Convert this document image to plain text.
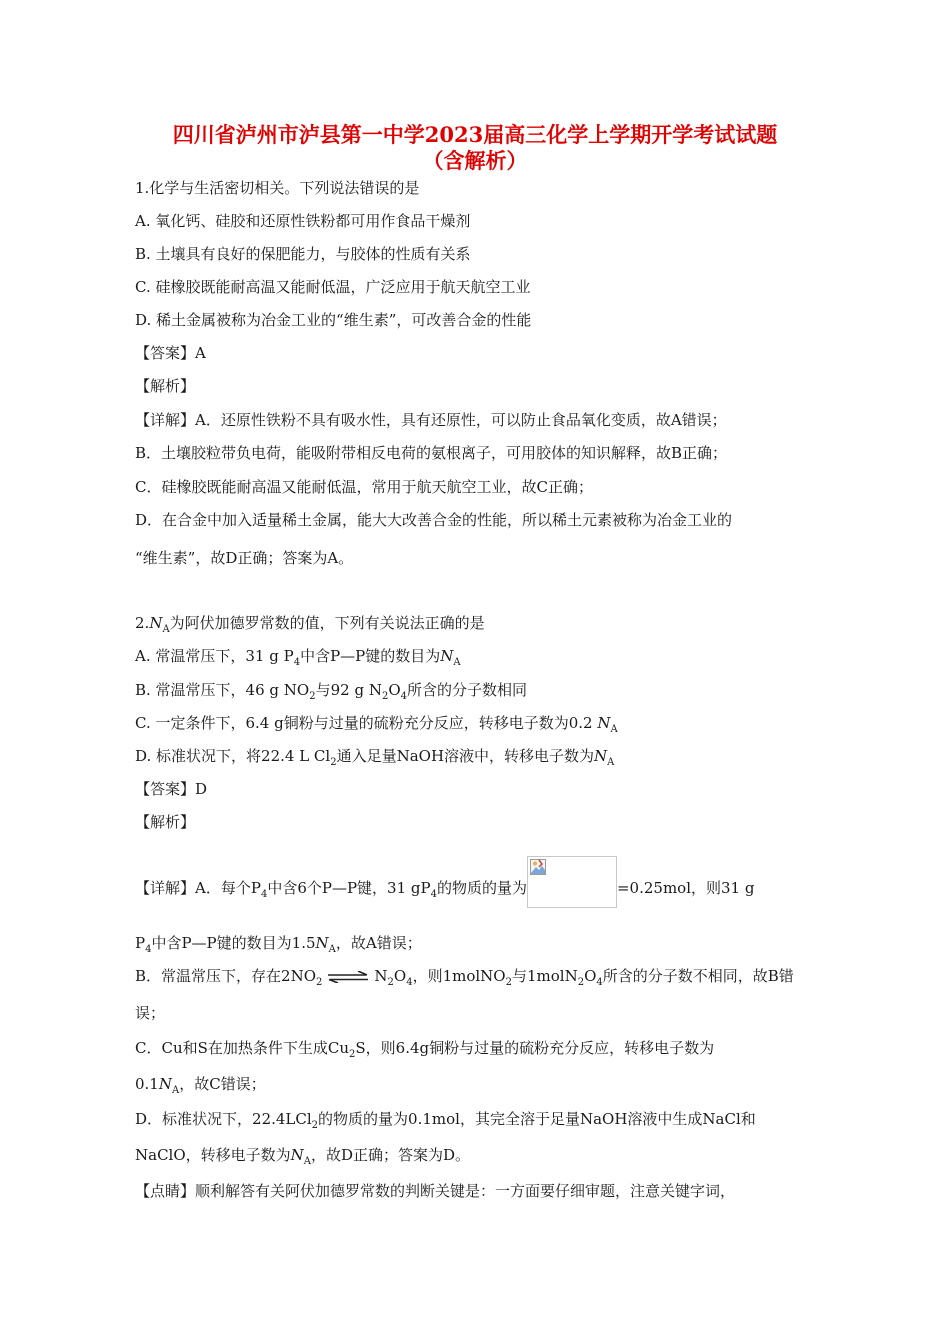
四川省泸州市泸县第一中学2023届高三化学上学期开学考试试题
（含解析）
1.化学与生活密切相关。下列说法错误的是
A. 氧化钙、硅胶和还原性铁粉都可用作食品干燥剂
B. 土壤具有良好的保肥能力，与胶体的性质有关系
C. 硅橡胶既能耐高温又能耐低温，广泛应用于航天航空工业
D. 稀土金属被称为冶金工业的“维生素”，可改善合金的性能
【答案】A
【解析】
【详解】A．还原性铁粉不具有吸水性，具有还原性，可以防止食品氧化变质，故A错误；
B．土壤胶粒带负电荷，能吸附带相反电荷的氨根离子，可用胶体的知识解释，故B正确；
C．硅橡胶既能耐高温又能耐低温，常用于航天航空工业，故C正确；
D．在合金中加入适量稀土金属，能大大改善合金的性能，所以稀土元素被称为冶金工业的
“维生素”，故D正确；答案为A。
$2.N_A$为阿伏加德罗常数的值，下列有关说法正确的是
A. 常温常压下，31 g $P_4$中含P—P键的数目为$N_A$
B. 常温常压下，46 g $NO_2$与92 g $N_2O_4$所含的分子数相同
C. 一定条件下，6.4 g铜粉与过量的硫粉充分反应，转移电子数为0.2 $N_A$
D. 标准状况下，将22.4 L $Cl_2$通入足量NaOH溶液中，转移电子数为$N_A$
【答案】D
【解析】
【详解】A．每个$P_4$中含6个P—P键，31 $gP_4$的物质的量为	=0.25mol，则31 g
$P_4$中含P—P键的数目为$1.5N_A$，故A错误；
B．常温常压下，存在$2NO_2$ ⇌ $N_2O_4$，则1molNO$_2$与$1molN_2O_4$所含的分子数不相同，故B错
误；
C．Cu和S在加热条件下生成$Cu_2S$，则6.4g铜粉与过量的硫粉充分反应，转移电子数为
$0.1N_A$，故C错误；
D．标准状况下，22.4LCl$_2$的物质的量为0.1mol，其完全溶于足量NaOH溶液中生成NaCl和
NaClO，转移电子数为$N_A$，故D正确；答案为D。
【点睛】顺利解答有关阿伏加德罗常数的判断关键是：一方面要仔细审题，注意关键字词，
